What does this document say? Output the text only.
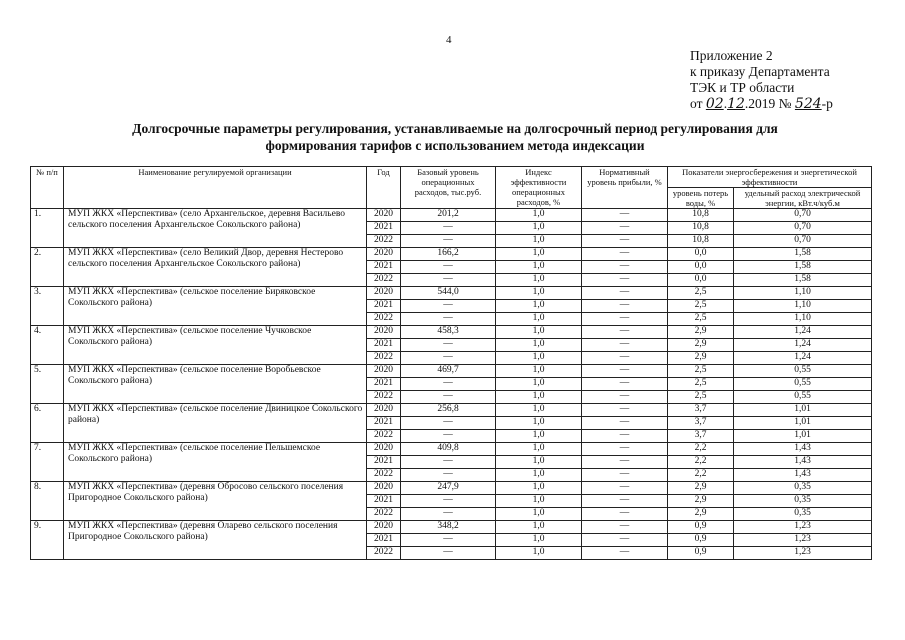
4
Приложение 2
к приказу Департамента
ТЭК и ТР области
от 02.12.2019 № 524-р
Долгосрочные параметры регулирования, устанавливаемые на долгосрочный период регулирования для
формирования тарифов с использованием метода индексации
№ п/п	Наименование регулируемой организации	Год	Базовый уровень операционных расходов, тыс.руб.	Индекс эффективности операционных расходов, %	Нормативный уровень прибыли, %	Показатели энергосбережения и энергетической эффективности	
						уровень потерь воды, %	удельный расход электрической энергии, кВт.ч/куб.м
1.	МУП ЖКХ «Перспектива» (село Архангельское, деревня Васильево сельского поселения Архангельское Сокольского района)	2020	201,2	1,0	—	10,8	0,70
		2021	—	1,0	—	10,8	0,70
		2022	—	1,0	—	10,8	0,70
2.	МУП ЖКХ «Перспектива» (село Великий Двор, деревня Нестерово сельского поселения Архангельское Сокольского района)	2020	166,2	1,0	—	0,0	1,58
		2021	—	1,0	—	0,0	1,58
		2022	—	1,0	—	0,0	1,58
3.	МУП ЖКХ «Перспектива» (сельское поселение Биряковское Сокольского района)	2020	544,0	1,0	—	2,5	1,10
		2021	—	1,0	—	2,5	1,10
		2022	—	1,0	—	2,5	1,10
4.	МУП ЖКХ «Перспектива» (сельское поселение Чучковское Сокольского района)	2020	458,3	1,0	—	2,9	1,24
		2021	—	1,0	—	2,9	1,24
		2022	—	1,0	—	2,9	1,24
5.	МУП ЖКХ «Перспектива» (сельское поселение Воробьевское Сокольского района)	2020	469,7	1,0	—	2,5	0,55
		2021	—	1,0	—	2,5	0,55
		2022	—	1,0	—	2,5	0,55
6.	МУП ЖКХ «Перспектива» (сельское поселение Двиницкое Сокольского района)	2020	256,8	1,0	—	3,7	1,01
		2021	—	1,0	—	3,7	1,01
		2022	—	1,0	—	3,7	1,01
7.	МУП ЖКХ «Перспектива» (сельское поселение Пельшемское Сокольского района)	2020	409,8	1,0	—	2,2	1,43
		2021	—	1,0	—	2,2	1,43
		2022	—	1,0	—	2,2	1,43
8.	МУП ЖКХ «Перспектива» (деревня Обросово сельского поселения Пригородное Сокольского района)	2020	247,9	1,0	—	2,9	0,35
		2021	—	1,0	—	2,9	0,35
		2022	—	1,0	—	2,9	0,35
9.	МУП ЖКХ «Перспектива» (деревня Оларево сельского поселения Пригородное Сокольского района)	2020	348,2	1,0	—	0,9	1,23
		2021	—	1,0	—	0,9	1,23
		2022	—	1,0	—	0,9	1,23
